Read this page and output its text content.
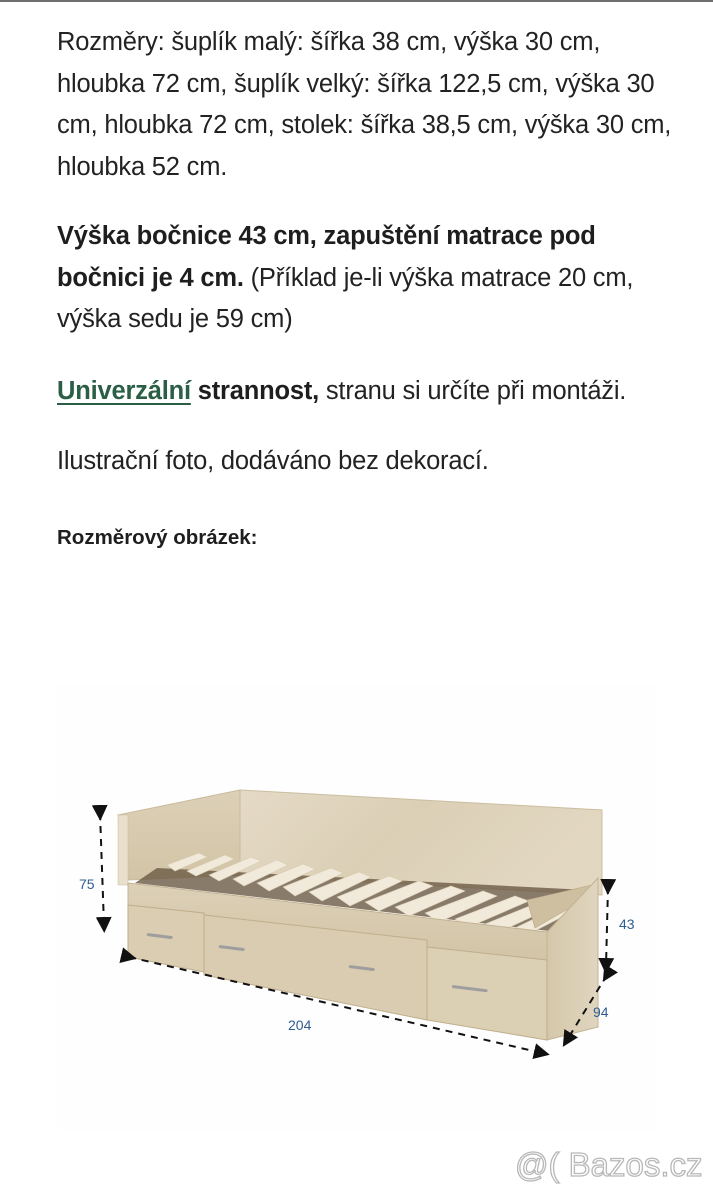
Rozměry: šuplík malý: šířka 38 cm, výška 30 cm, hloubka 72 cm, šuplík velký: šířka 122,5 cm, výška 30 cm, hloubka 72 cm, stolek: šířka 38,5 cm, výška 30 cm, hloubka 52 cm.

Výška bočnice 43 cm, zapuštění matrace pod bočnici je 4 cm. (Příklad je-li výška matrace 20 cm, výška sedu je 59 cm)

Univerzální strannost, stranu si určíte při montáži.

Ilustrační foto, dodáváno bez dekorací.

Rozměrový obrázek:
75
43
204
94
@( Bazos.cz
